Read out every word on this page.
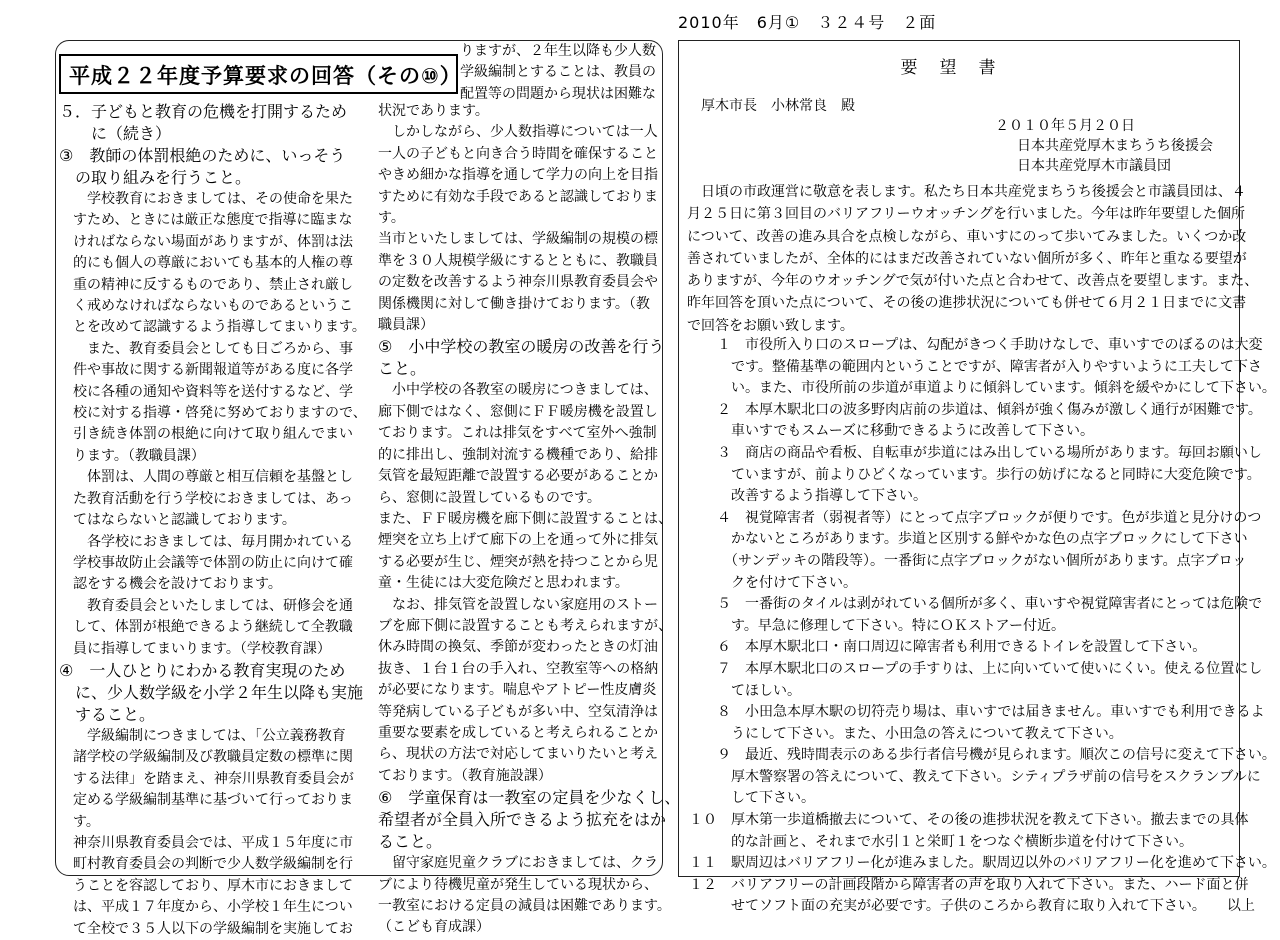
2010年　6月①　３２４号　２面
平成２２年度予算要求の回答（その⑩）

りますが、２年生以降も少人数

学級編制とすることは、教員の

配置等の問題から現状は困難な

５．子どもと教育の危機を打開するため

　　に（続き）

③　教師の体罰根絶のために、いっそう

　の取り組みを行うこと。

　　学校教育におきましては、その使命を果た

　すため、ときには厳正な態度で指導に臨まな

　ければならない場面がありますが、体罰は法

　的にも個人の尊厳においても基本的人権の尊

　重の精神に反するものであり、禁止され厳し

　く戒めなければならないものであるというこ

　とを改めて認識するよう指導してまいります。

　　また、教育委員会としても日ごろから、事

　件や事故に関する新聞報道等がある度に各学

　校に各種の通知や資料等を送付するなど、学

　校に対する指導・啓発に努めておりますので、

　引き続き体罰の根絶に向けて取り組んでまい

　ります。（教職員課）

　　体罰は、人間の尊厳と相互信頼を基盤とし

　た教育活動を行う学校におきましては、あっ

　てはならないと認識しております。

　　各学校におきましては、毎月開かれている

　学校事故防止会議等で体罰の防止に向けて確

　認をする機会を設けております。

　　教育委員会といたしましては、研修会を通

　して、体罰が根絶できるよう継続して全教職

　員に指導してまいります。（学校教育課）

④　一人ひとりにわかる教育実現のため

　に、少人数学級を小学２年生以降も実施

　すること。

　　学級編制につきましては、「公立義務教育

　諸学校の学級編制及び教職員定数の標準に関

　する法律」を踏まえ、神奈川県教育委員会が

　定める学級編制基準に基づいて行っておりま

　す。

　神奈川県教育委員会では、平成１５年度に市

　町村教育委員会の判断で少人数学級編制を行

　うことを容認しており、厚木市におきまして

　は、平成１７年度から、小学校１年生につい

　て全校で３５人以下の学級編制を実施してお

状況であります。

　しかしながら、少人数指導については一人

一人の子どもと向き合う時間を確保すること

やきめ細かな指導を通して学力の向上を目指

すために有効な手段であると認識しておりま

す。

当市といたしましては、学級編制の規模の標

準を３０人規模学級にするとともに、教職員

の定数を改善するよう神奈川県教育委員会や

関係機関に対して働き掛けております。（教

職員課）

⑤　小中学校の教室の暖房の改善を行う

こと。

　小中学校の各教室の暖房につきましては、

廊下側ではなく、窓側にＦＦ暖房機を設置し

ております。これは排気をすべて室外へ強制

的に排出し、強制対流する機種であり、給排

気管を最短距離で設置する必要があることか

ら、窓側に設置しているものです。

また、ＦＦ暖房機を廊下側に設置することは、

煙突を立ち上げて廊下の上を通って外に排気

する必要が生じ、煙突が熱を持つことから児

童・生徒には大変危険だと思われます。

　なお、排気管を設置しない家庭用のストー

ブを廊下側に設置することも考えられますが、

休み時間の換気、季節が変わったときの灯油

抜き、１台１台の手入れ、空教室等への格納

が必要になります。喘息やアトピー性皮膚炎

等発病している子どもが多い中、空気清浄は

重要な要素を成していると考えられることか

ら、現状の方法で対応してまいりたいと考え

ております。（教育施設課）

⑥　学童保育は一教室の定員を少なくし、

希望者が全員入所できるよう拡充をはか

ること。

　留守家庭児童クラブにおきましては、クラ

ブにより待機児童が発生している現状から、

一教室における定員の減員は困難であります。

（こども育成課）

要望書
厚木市長　小林常良　殿
２０１０年５月２０日
日本共産党厚木まちうち後援会
日本共産党厚木市議員団

　日頃の市政運営に敬意を表します。私たち日本共産党まちうち後援会と市議員団は、４

月２５日に第３回目のバリアフリーウオッチングを行いました。今年は昨年要望した個所

について、改善の進み具合を点検しながら、車いすにのって歩いてみました。いくつか改

善されていましたが、全体的にはまだ改善されていない個所が多く、昨年と重なる要望が

ありますが、今年のウオッチングで気が付いた点と合わせて、改善点を要望します。また、

昨年回答を頂いた点について、その後の進捗状況についても併せて６月２１日までに文書

で回答をお願い致します。

　　１　市役所入り口のスロープは、勾配がきつく手助けなしで、車いすでのぼるのは大変

　　　です。整備基準の範囲内ということですが、障害者が入りやすいように工夫して下さ

　　　い。また、市役所前の歩道が車道よりに傾斜しています。傾斜を緩やかにして下さい。

　　２　本厚木駅北口の波多野肉店前の歩道は、傾斜が強く傷みが激しく通行が困難です。

　　　車いすでもスムーズに移動できるように改善して下さい。

　　３　商店の商品や看板、自転車が歩道にはみ出している場所があります。毎回お願いし

　　　ていますが、前よりひどくなっています。歩行の妨げになると同時に大変危険です。

　　　改善するよう指導して下さい。

　　４　視覚障害者（弱視者等）にとって点字ブロックが便りです。色が歩道と見分けのつ

　　　かないところがあります。歩道と区別する鮮やかな色の点字ブロックにして下さい

　　　（サンデッキの階段等）。一番街に点字ブロックがない個所があります。点字ブロッ

　　　クを付けて下さい。

　　５　一番街のタイルは剥がれている個所が多く、車いすや視覚障害者にとっては危険で

　　　す。早急に修理して下さい。特にＯＫストアー付近。

　　６　本厚木駅北口・南口周辺に障害者も利用できるトイレを設置して下さい。

　　７　本厚木駅北口のスロープの手すりは、上に向いていて使いにくい。使える位置にし

　　　てほしい。

　　８　小田急本厚木駅の切符売り場は、車いすでは届きません。車いすでも利用できるよ

　　　うにして下さい。また、小田急の答えについて教えて下さい。

　　９　最近、残時間表示のある歩行者信号機が見られます。順次この信号に変えて下さい。

　　　厚木警察署の答えについて、教えて下さい。シティプラザ前の信号をスクランブルに

　　　して下さい。

１０　厚木第一歩道橋撤去について、その後の進捗状況を教えて下さい。撤去までの具体

　　　的な計画と、それまで水引１と栄町１をつなぐ横断歩道を付けて下さい。

１１　駅周辺はバリアフリー化が進みました。駅周辺以外のバリアフリー化を進めて下さい。

１２　バリアフリーの計画段階から障害者の声を取り入れて下さい。また、ハード面と併

　　　せてソフト面の充実が必要です。子供のころから教育に取り入れて下さい。　　以上
